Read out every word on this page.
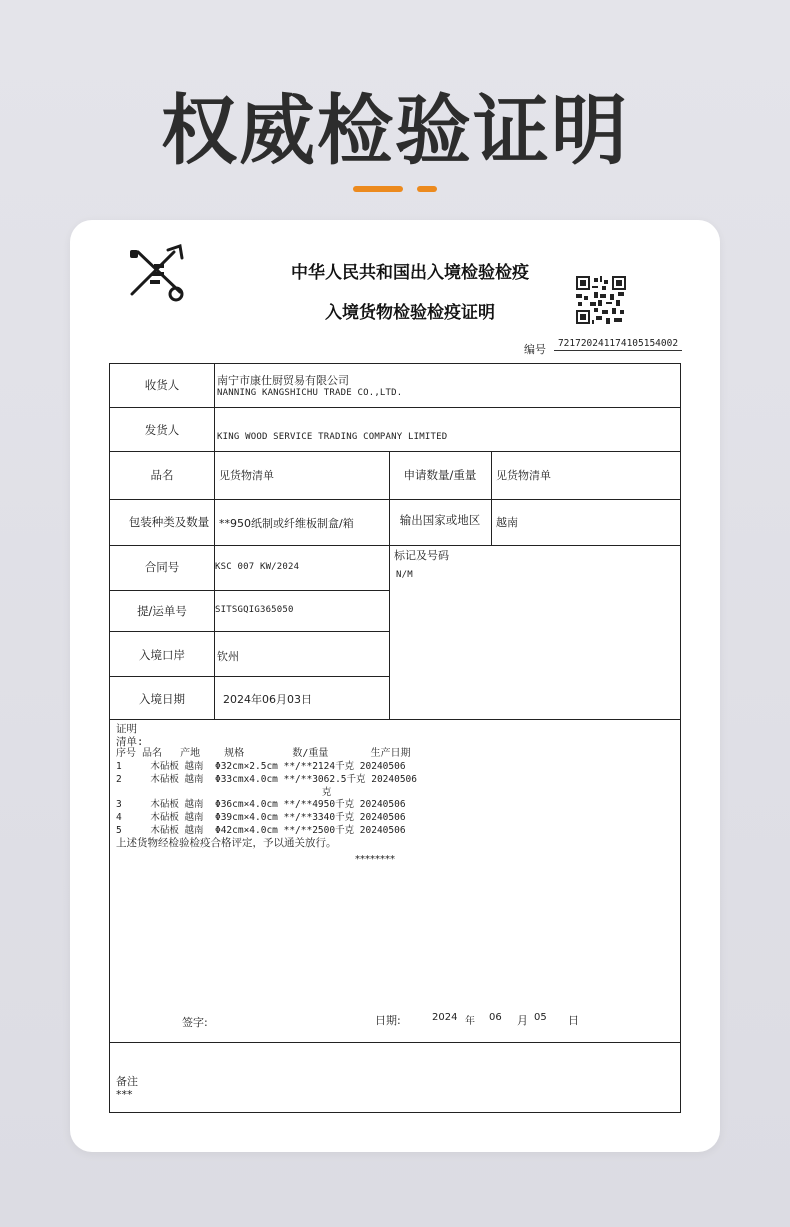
权威检验证明
中华人民共和国出入境检验检疫
入境货物检验检疫证明
编号	721720241174105154002
收货人	南宁市康仕厨贸易有限公司
NANNING KANGSHICHU TRADE CO.,LTD.
发货人	KING WOOD SERVICE TRADING COMPANY LIMITED
品名	见货物清单	申请数量/重量	见货物清单
包装种类及数量 **950纸制或纤维板制盒/箱	输出国家或地区	越南
合同号	KSC 007 KW/2024
标记及号码
N/M
提/运单号	SITSGQIG365050
入境口岸	钦州
入境日期	2024年06月03日
证明
清单:
序号 品名   产地    规格        数/重量       生产日期
1     木砧板 越南  Φ32cm×2.5cm **/**2124千克 20240506
2     木砧板 越南  Φ33cmx4.0cm **/**3062.5千克 20240506
克
3     木砧板 越南  Φ36cm×4.0cm **/**4950千克 20240506
4     木砧板 越南  Φ39cm×4.0cm **/**3340千克 20240506
5     木砧板 越南  Φ42cm×4.0cm **/**2500千克 20240506
上述货物经检验检疫合格评定，予以通关放行。
********
签字:	日期:	2024 年 06 月 05 日
备注
***
